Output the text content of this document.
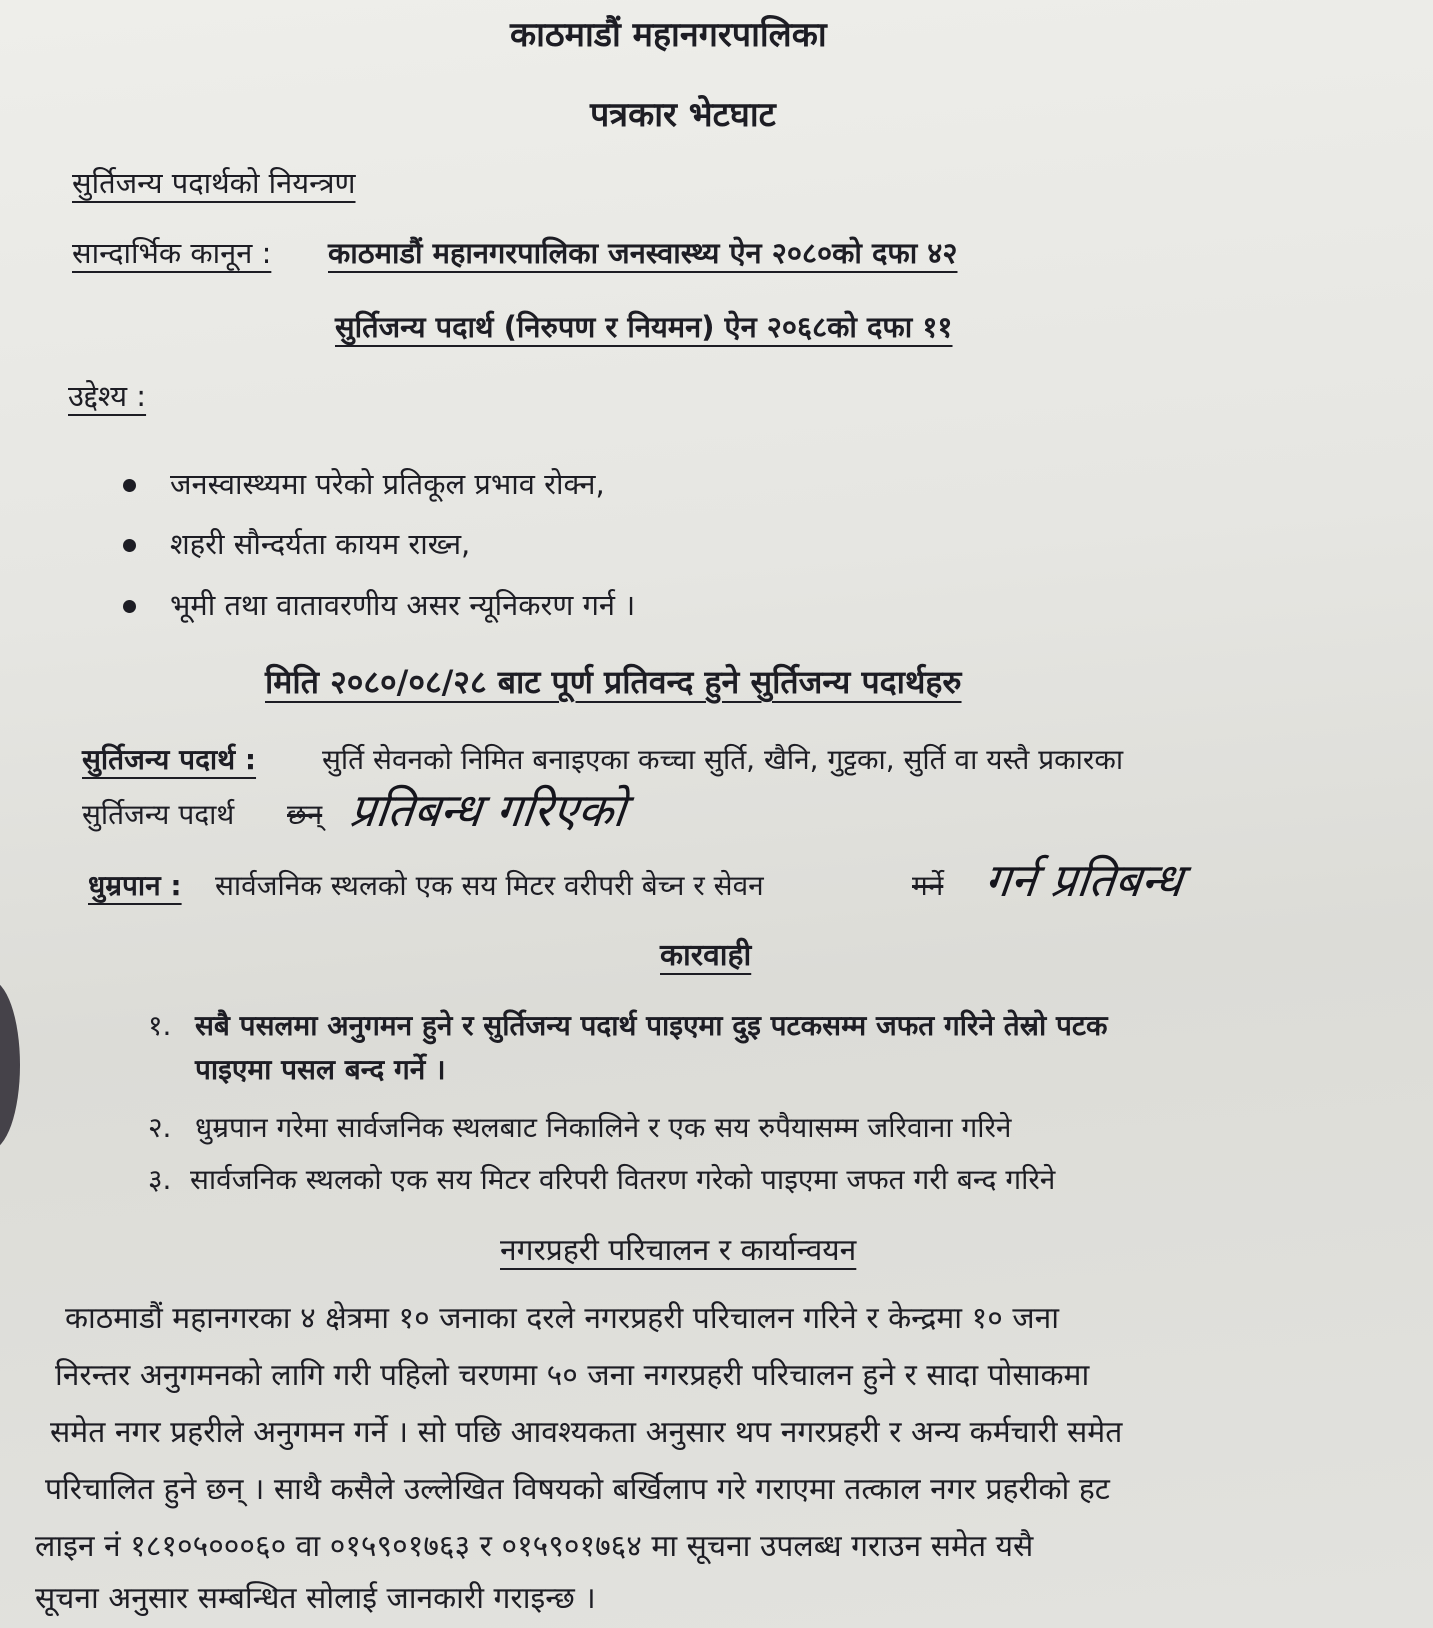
काठमाडौं महानगरपालिका
पत्रकार भेटघाट
सुर्तिजन्य पदार्थको नियन्त्रण
सान्दार्भिक कानून : काठमाडौं महानगरपालिका जनस्वास्थ्य ऐन २०८०को दफा ४२
सुर्तिजन्य पदार्थ (निरुपण र नियमन) ऐन २०६८को दफा ११
उद्देश्य :
जनस्वास्थ्यमा परेको प्रतिकूल प्रभाव रोक्न,
शहरी सौन्दर्यता कायम राख्न,
भूमी तथा वातावरणीय असर न्यूनिकरण गर्न ।
मिति २०८०/०८/२८ बाट पूर्ण प्रतिवन्द हुने सुर्तिजन्य पदार्थहरु
सुर्तिजन्य पदार्थ : सुर्ति सेवनको निमित बनाइएका कच्चा सुर्ति, खैनि, गुट्टका, सुर्ति वा यस्तै प्रकारका
सुर्तिजन्य पदार्थ छन् प्रतिबन्ध गरिएको
धुम्रपान : सार्वजनिक स्थलको एक सय मिटर वरीपरी बेच्न र सेवन	गर्ने गर्न प्रतिबन्ध
कारवाही
१. सबै पसलमा अनुगमन हुने र सुर्तिजन्य पदार्थ पाइएमा दुइ पटकसम्म जफत गरिने तेस्रो पटक
पाइएमा पसल बन्द गर्ने ।
२. धुम्रपान गरेमा सार्वजनिक स्थलबाट निकालिने र एक सय रुपैयासम्म जरिवाना गरिने
३. सार्वजनिक स्थलको एक सय मिटर वरिपरी वितरण गरेको पाइएमा जफत गरी बन्द गरिने
नगरप्रहरी परिचालन र कार्यान्वयन
काठमाडौं महानगरका ४ क्षेत्रमा १० जनाका दरले नगरप्रहरी परिचालन गरिने र केन्द्रमा १० जना
निरन्तर अनुगमनको लागि गरी पहिलो चरणमा ५० जना नगरप्रहरी परिचालन हुने र सादा पोसाकमा
समेत नगर प्रहरीले अनुगमन गर्ने । सो पछि आवश्यकता अनुसार थप नगरप्रहरी र अन्य कर्मचारी समेत
परिचालित हुने छन् । साथै कसैले उल्लेखित विषयको बर्खिलाप गरे गराएमा तत्काल नगर प्रहरीको हट
लाइन नं १८१०५०००६० वा ०१५९०१७६३ र ०१५९०१७६४ मा सूचना उपलब्ध गराउन समेत यसै
सूचना अनुसार सम्बन्धित सोलाई जानकारी गराइन्छ ।
